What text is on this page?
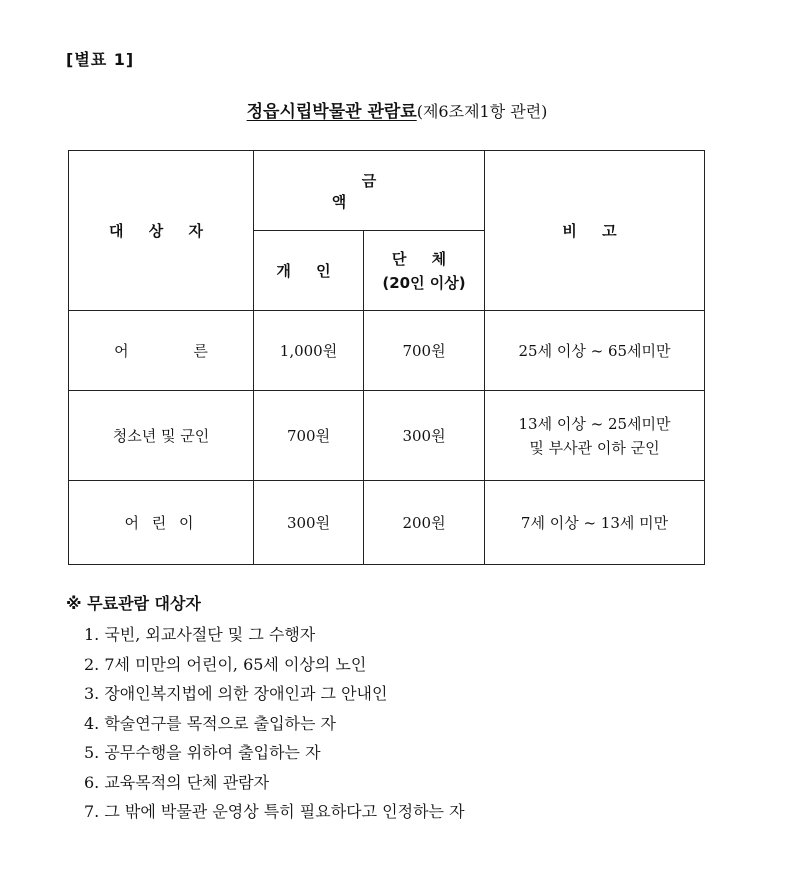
[별표 1]
정읍시립박물관 관람료(제6조제1항 관련)
대 상 자	금 액		비 고
	개 인	단 체
(20인 이상)	

어 른	1,000원	700원	25세 이상 ~ 65세미만

청소년 및 군인	700원	300원	13세 이상 ~ 25세미만
및 부사관 이하 군인

어 린 이	300원	200원	7세 이상 ~ 13세 미만
※ 무료관람 대상자
1. 국빈, 외교사절단 및 그 수행자
2. 7세 미만의 어린이, 65세 이상의 노인
3. 장애인복지법에 의한 장애인과 그 안내인
4. 학술연구를 목적으로 출입하는 자
5. 공무수행을 위하여 출입하는 자
6. 교육목적의 단체 관람자
7. 그 밖에 박물관 운영상 특히 필요하다고 인정하는 자
